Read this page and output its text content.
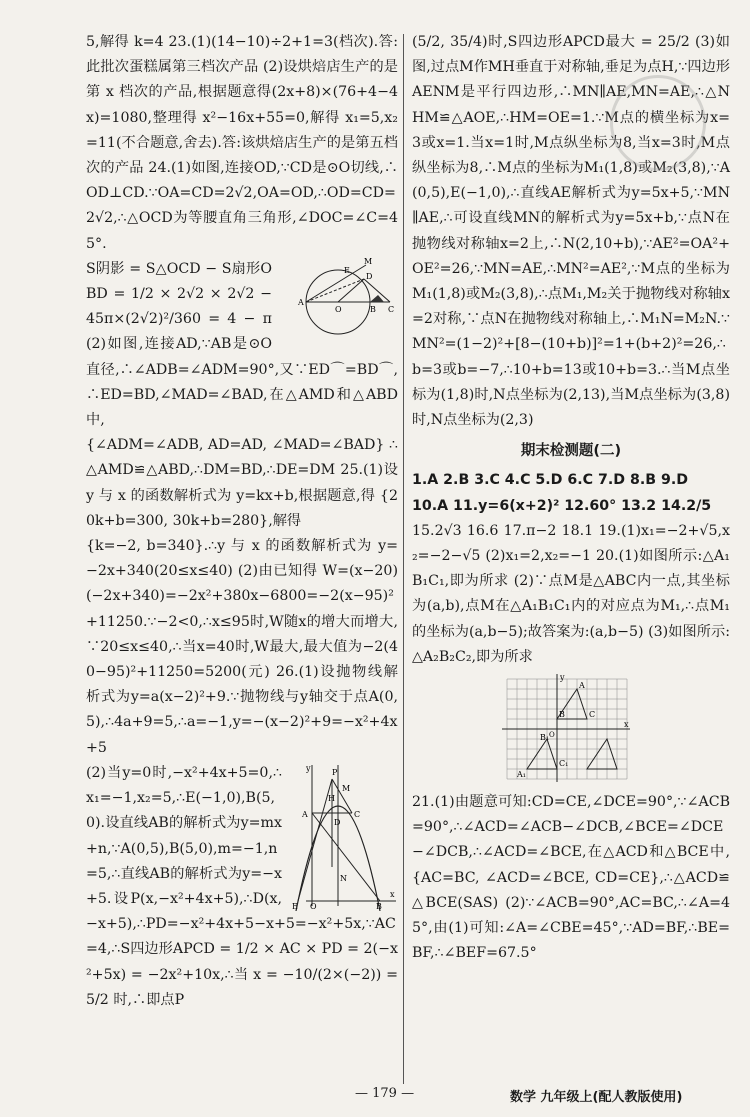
5,解得 k=4 23.(1)(14−10)÷2+1=3(档次).答:此批次蛋糕属第三档次产品 (2)设烘焙店生产的是第 x 档次的产品,根据题意得(2x+8)×(76+4−4x)=1080,整理得 x²−16x+55=0,解得 x₁=5,x₂=11(不合题意,舍去).答:该烘焙店生产的是第五档次的产品 24.(1)如图,连接OD,∵CD是⊙O切线,∴OD⊥CD.∵OA=CD=2√2,OA=OD,∴OD=CD=2√2,∴△OCD为等腰直角三角形,∠DOC=∠C=45°.

M
E
D
A
O	B C

S阴影 = S△OCD − S扇形OBD = 1/2 × 2√2 × 2√2 − 45π×(2√2)²/360 = 4 − π (2)如图,连接AD,∵AB是⊙O直径,∴∠ADB=∠ADM=90°,又∵ED⌒=BD⌒,∴ED=BD,∠MAD=∠BAD,在△AMD和△ABD中,

{∠ADM=∠ADB, AD=AD, ∠MAD=∠BAD} ∴△AMD≌△ABD,∴DM=BD,∴DE=DM 25.(1)设 y 与 x 的函数解析式为 y=kx+b,根据题意,得 {20k+b=300, 30k+b=280},解得

{k=−2, b=340}.∴y 与 x 的函数解析式为 y=−2x+340(20≤x≤40) (2)由已知得 W=(x−20)(−2x+340)=−2x²+380x−6800=−2(x−95)²+11250.∵−2<0,∴x≤95时,W随x的增大而增大,∵20≤x≤40,∴当x=40时,W最大,最大值为−2(40−95)²+11250=5200(元) 26.(1)设抛物线解析式为y=a(x−2)²+9.∵抛物线与y轴交于点A(0,5),∴4a+9=5,∴a=−1,y=−(x−2)²+9=−x²+4x+5

y	P
M
H
A
D
C
E O	B
x
N

(2)当y=0时,−x²+4x+5=0,∴x₁=−1,x₂=5,∴E(−1,0),B(5,0).设直线AB的解析式为y=mx+n,∵A(0,5),B(5,0),m=−1,n=5,∴直线AB的解析式为y=−x+5.设P(x,−x²+4x+5),∴D(x,−x+5),∴PD=−x²+4x+5−x+5=−x²+5x,∵AC=4,∴S四边形APCD = 1/2 × AC × PD = 2(−x²+5x) = −2x²+10x,∴当 x = −10/(2×(−2)) = 5/2 时,∴即点P

(5/2, 35/4)时,S四边形APCD最大 = 25/2 (3)如图,过点M作MH垂直于对称轴,垂足为点H,∵四边形AENM是平行四边形,∴MN∥AE,MN=AE,∴△NHM≌△AOE,∴HM=OE=1.∵M点的横坐标为x=3或x=1.当x=1时,M点纵坐标为8,当x=3时,M点纵坐标为8,∴M点的坐标为M₁(1,8)或M₂(3,8),∵A(0,5),E(−1,0),∴直线AE解析式为y=5x+5,∵MN∥AE,∴可设直线MN的解析式为y=5x+b,∵点N在抛物线对称轴x=2上,∴N(2,10+b),∵AE²=OA²+OE²=26,∵MN=AE,∴MN²=AE²,∵M点的坐标为M₁(1,8)或M₂(3,8),∴点M₁,M₂关于抛物线对称轴x=2对称,∵点N在抛物线对称轴上,∴M₁N=M₂N.∵MN²=(1−2)²+[8−(10+b)]²=1+(b+2)²=26,∴b=3或b=−7,∴10+b=13或10+b=3.∴当M点坐标为(1,8)时,N点坐标为(2,13),当M点坐标为(3,8)时,N点坐标为(2,3)

期末检测题(二)

1.A 2.B 3.C 4.C 5.D 6.C 7.D 8.B 9.D

10.A 11.y=6(x+2)² 12.60° 13.2 14.2/5

15.2√3 16.6 17.π−2 18.1 19.(1)x₁=−2+√5,x₂=−2−√5 (2)x₁=2,x₂=−1 20.(1)如图所示:△A₁B₁C₁,即为所求 (2)∵点M是△ABC内一点,其坐标为(a,b),点M在△A₁B₁C₁内的对应点为M₁,∴点M₁的坐标为(a,b−5);故答案为:(a,b−5) (3)如图所示:△A₂B₂C₂,即为所求

y
x
O
A
B	C
A₁
B₁
C₁

21.(1)由题意可知:CD=CE,∠DCE=90°,∵∠ACB=90°,∴∠ACD=∠ACB−∠DCB,∠BCE=∠DCE−∠DCB,∴∠ACD=∠BCE,在△ACD和△BCE中,{AC=BC, ∠ACD=∠BCE, CD=CE},∴△ACD≌△BCE(SAS) (2)∵∠ACB=90°,AC=BC,∴∠A=45°,由(1)可知:∠A=∠CBE=45°,∵AD=BF,∴BE=BF,∴∠BEF=67.5°

— 179 —	数学 九年级上(配人教版使用)
